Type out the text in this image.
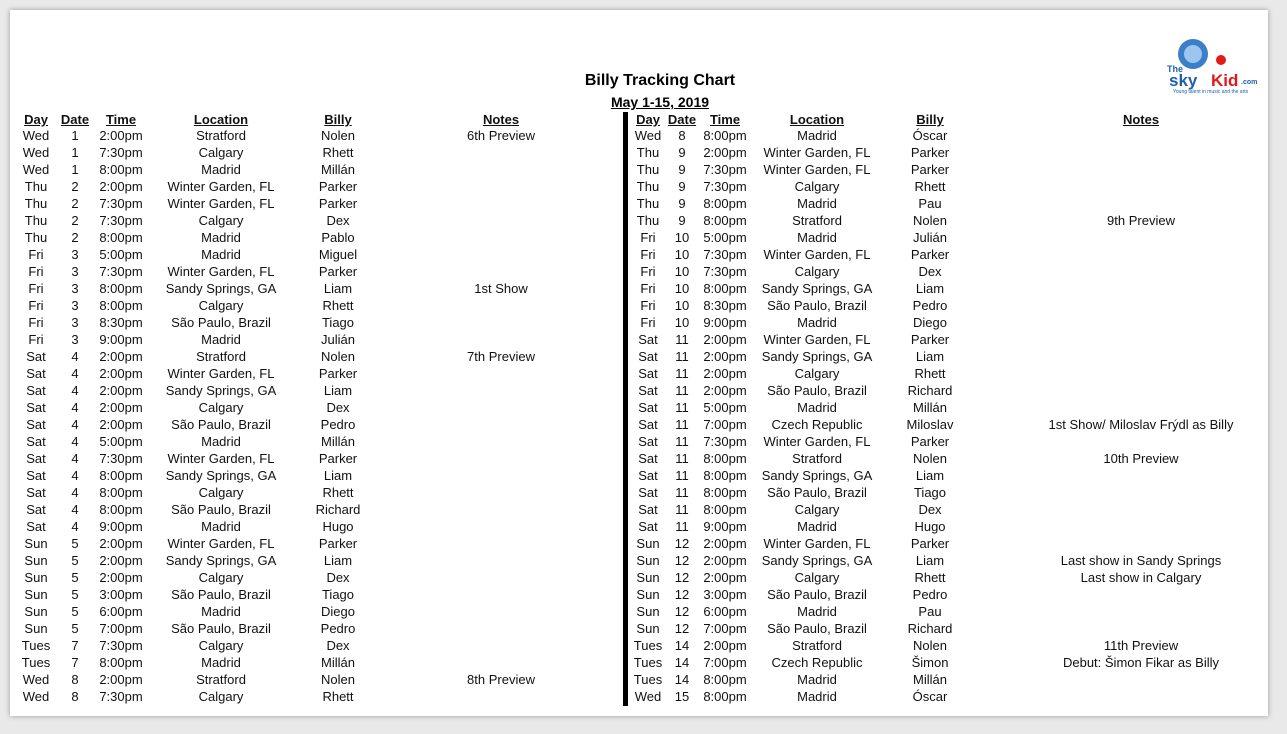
The
sky Kid .com
Young talent in music and the arts
Billy Tracking Chart
May 1-15, 2019
Day Date Time	Location	Billy	Notes
Wed 1 2:00pm	Stratford	Nolen	6th Preview
Wed 1 7:30pm	Calgary	Rhett
Wed 1 8:00pm	Madrid	Millán
Thu 2 2:00pm Winter Garden, FL	Parker
Thu 2 7:30pm Winter Garden, FL	Parker
Thu 2 7:30pm	Calgary	Dex
Thu 2 8:00pm	Madrid	Pablo
Fri 3 5:00pm	Madrid	Miguel
Fri 3 7:30pm Winter Garden, FL	Parker
Fri 3 8:00pm Sandy Springs, GA	Liam	1st Show
Fri 3 8:00pm	Calgary	Rhett
Fri 3 8:30pm São Paulo, Brazil	Tiago
Fri 3 9:00pm	Madrid	Julián
Sat 4 2:00pm	Stratford	Nolen	7th Preview
Sat 4 2:00pm Winter Garden, FL	Parker
Sat 4 2:00pm Sandy Springs, GA	Liam
Sat 4 2:00pm	Calgary	Dex
Sat 4 2:00pm São Paulo, Brazil	Pedro
Sat 4 5:00pm	Madrid	Millán
Sat 4 7:30pm Winter Garden, FL	Parker
Sat 4 8:00pm Sandy Springs, GA	Liam
Sat 4 8:00pm	Calgary	Rhett
Sat 4 8:00pm São Paulo, Brazil	Richard
Sat 4 9:00pm	Madrid	Hugo
Sun 5 2:00pm Winter Garden, FL	Parker
Sun 5 2:00pm Sandy Springs, GA	Liam
Sun 5 2:00pm	Calgary	Dex
Sun 5 3:00pm São Paulo, Brazil	Tiago
Sun 5 6:00pm	Madrid	Diego
Sun 5 7:00pm São Paulo, Brazil	Pedro
Tues 7 7:30pm	Calgary	Dex
Tues 7 8:00pm	Madrid	Millán
Wed 8 2:00pm	Stratford	Nolen	8th Preview
Wed 8 7:30pm	Calgary	Rhett
Day Date Time	Location	Billy	Notes
Wed 8 8:00pm	Madrid	Óscar
Thu 9 2:00pm Winter Garden, FL	Parker
Thu 9 7:30pm Winter Garden, FL	Parker
Thu 9 7:30pm	Calgary	Rhett
Thu 9 8:00pm	Madrid	Pau
Thu 9 8:00pm	Stratford	Nolen	9th Preview
Fri 10 5:00pm	Madrid	Julián
Fri 10 7:30pm Winter Garden, FL	Parker
Fri 10 7:30pm	Calgary	Dex
Fri 10 8:00pm Sandy Springs, GA	Liam
Fri 10 8:30pm São Paulo, Brazil	Pedro
Fri 10 9:00pm	Madrid	Diego
Sat 11 2:00pm Winter Garden, FL	Parker
Sat 11 2:00pm Sandy Springs, GA	Liam
Sat 11 2:00pm	Calgary	Rhett
Sat 11 2:00pm São Paulo, Brazil	Richard
Sat 11 5:00pm	Madrid	Millán
Sat 11 7:00pm Czech Republic	Miloslav	1st Show/ Miloslav Frýdl as Billy
Sat 11 7:30pm Winter Garden, FL	Parker
Sat 11 8:00pm	Stratford	Nolen	10th Preview
Sat 11 8:00pm Sandy Springs, GA	Liam
Sat 11 8:00pm São Paulo, Brazil	Tiago
Sat 11 8:00pm	Calgary	Dex
Sat 11 9:00pm	Madrid	Hugo
Sun 12 2:00pm Winter Garden, FL	Parker
Sun 12 2:00pm Sandy Springs, GA	Liam	Last show in Sandy Springs
Sun 12 2:00pm	Calgary	Rhett	Last show in Calgary
Sun 12 3:00pm São Paulo, Brazil	Pedro
Sun 12 6:00pm	Madrid	Pau
Sun 12 7:00pm São Paulo, Brazil	Richard
Tues 14 2:00pm	Stratford	Nolen	11th Preview
Tues 14 7:00pm Czech Republic	Šimon	Debut: Šimon Fikar as Billy
Tues 14 8:00pm	Madrid	Millán
Wed 15 8:00pm	Madrid	Óscar
